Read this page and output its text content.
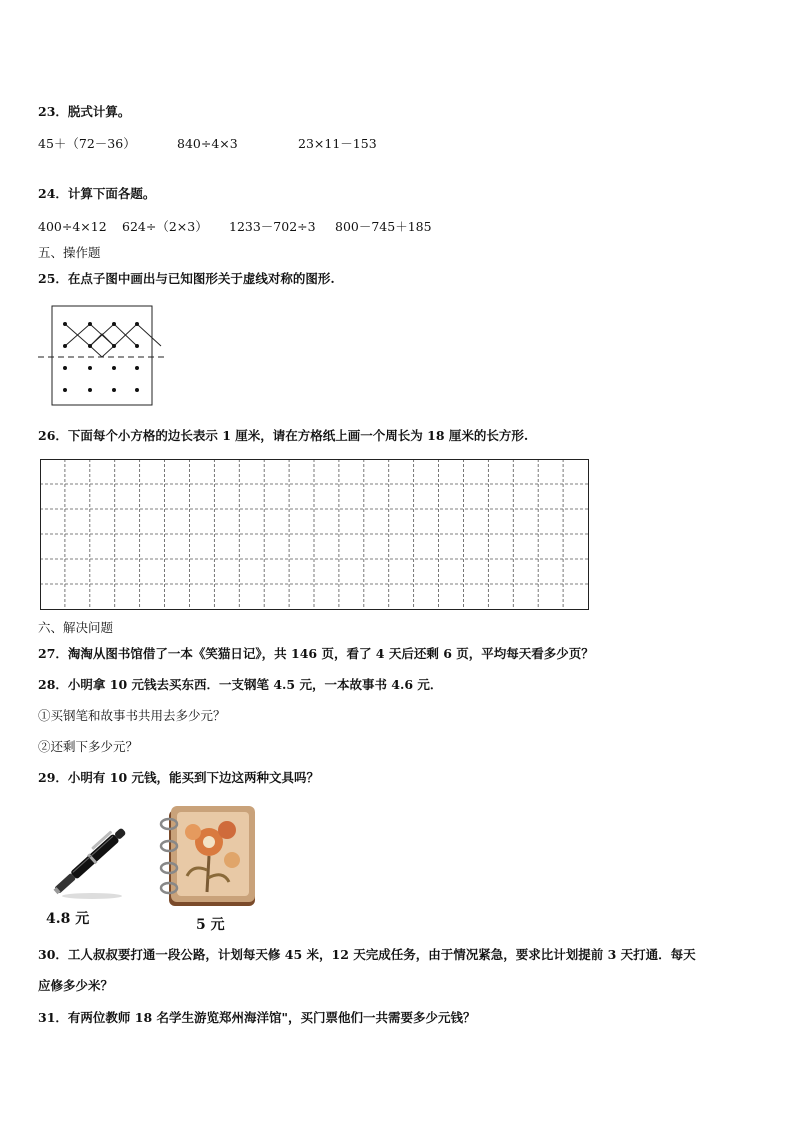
23．脱式计算。
45＋（72－36）	840÷4×3	23×11－153
24．计算下面各题。
400÷4×12 624÷（2×3） 1233－702÷3 800－745＋185
五、操作题
25．在点子图中画出与已知图形关于虚线对称的图形.
26．下面每个小方格的边长表示 1 厘米，请在方格纸上画一个周长为 18 厘米的长方形.
六、解决问题
27．淘淘从图书馆借了一本《笑猫日记》，共 146 页，看了 4 天后还剩 6 页，平均每天看多少页？
28．小明拿 10 元钱去买东西．一支钢笔 4.5 元，一本故事书 4.6 元．
①买钢笔和故事书共用去多少元？
②还剩下多少元？
29．小明有 10 元钱，能买到下边这两种文具吗？
4.8 元	5 元
30．工人叔叔要打通一段公路，计划每天修 45 米，12 天完成任务，由于情况紧急，要求比计划提前 3 天打通．每天
应修多少米？
31．有两位教师 18 名学生游览郑州海洋馆"，买门票他们一共需要多少元钱？
